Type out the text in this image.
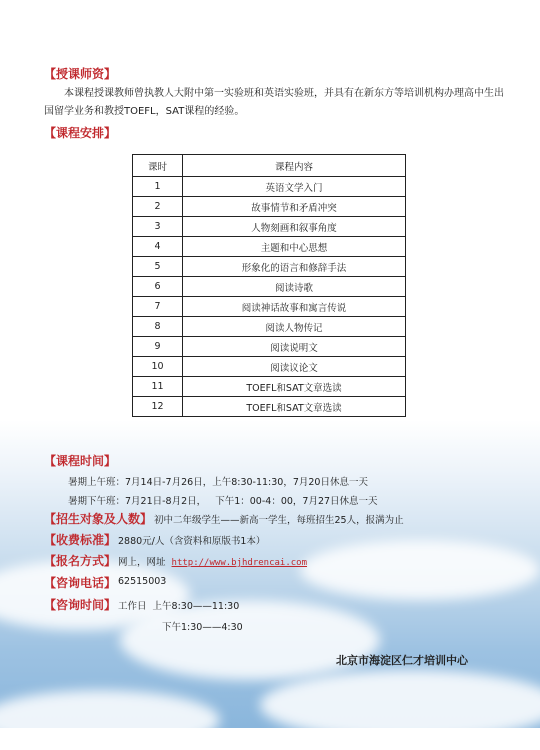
【授课师资】
本课程授课教师曾执教人大附中第一实验班和英语实验班，并具有在新东方等培训机构办理高中生出国留学业务和教授TOEFL，SAT课程的经验。
【课程安排】
课时	课程内容
1	英语文学入门
2	故事情节和矛盾冲突
3	人物刻画和叙事角度
4	主题和中心思想
5	形象化的语言和修辞手法
6	阅读诗歌
7	阅读神话故事和寓言传说
8	阅读人物传记
9	阅读说明文
10	阅读议论文
11	TOEFL和SAT文章选读
12	TOEFL和SAT文章选读
【课程时间】
暑期上午班：7月14日-7月26日，上午8:30-11:30，7月20日休息一天
暑期下午班：7月21日-8月2日，   下午1：00-4：00，7月27日休息一天
【招生对象及人数】 初中二年级学生——新高一学生，每班招生25人，报满为止
【收费标准】 2880元/人（含资料和原版书1本）
【报名方式】 网上，网址  http://www.bjhdrencai.com
【咨询电话】 62515003
【咨询时间】 工作日  上午8:30——11:30
下午1:30——4:30
北京市海淀区仁才培训中心
